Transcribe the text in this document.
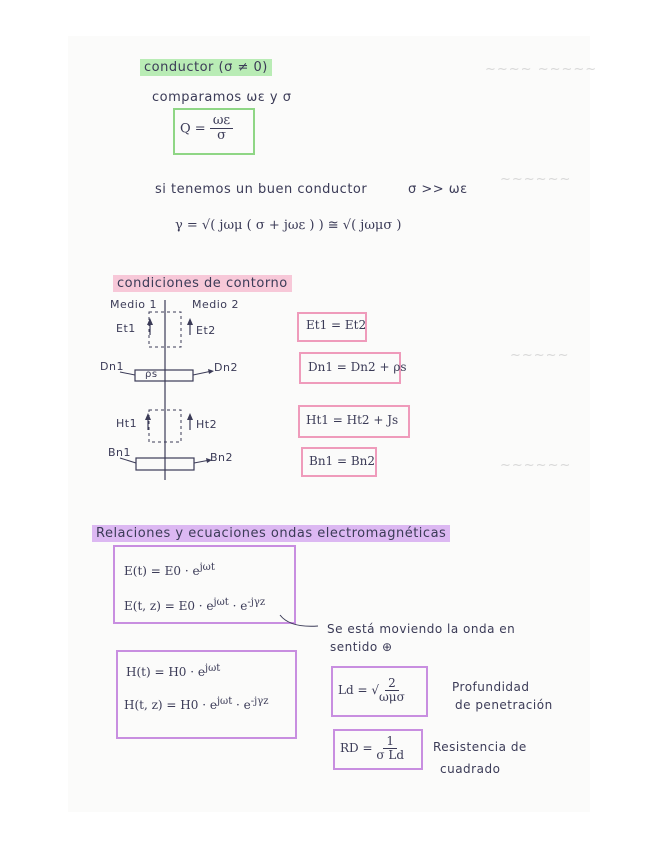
~~~~ ~~~~~
~~~~~~
~~~~~
~~~~~~
conductor (σ ≠ 0)
comparamos ωε y σ
$Q = \frac{\omega\varepsilon}{\sigma}$
si tenemos un buen conductor	σ >> ωε
γ = √( jωμ ( σ + jωε ) ) ≅ √( jωμσ )
condiciones de contorno
Medio 1	Medio 2
Et1	Et2
Dn1
ρs
Dn2
Ht1	Ht2
Bn1	Bn2
Et1 = Et2
Dn1 = Dn2 + ρs
Ht1 = Ht2 + Js
Bn1 = Bn2
Relaciones y ecuaciones ondas electromagnéticas
$E(t) = E0 \cdot e^{j\omega t}$
E(t, $z) = E0 \cdot e^{j\omega t} \cdot e^{-j\gamma z}$
Se está moviendo la onda en
sentido ⊕
$H(t) = H0 \cdot e^{j\omega t}$
H(t, $z) = H0 \cdot e^{j\omega t} \cdot e^{-j\gamma z}$
Ld = √ $\frac{2}{\text{ωμσ}}$	Profundidad
de penetración
RD = $\frac{1}{\text{σ Ld}}$ Resistencia de
cuadrado
